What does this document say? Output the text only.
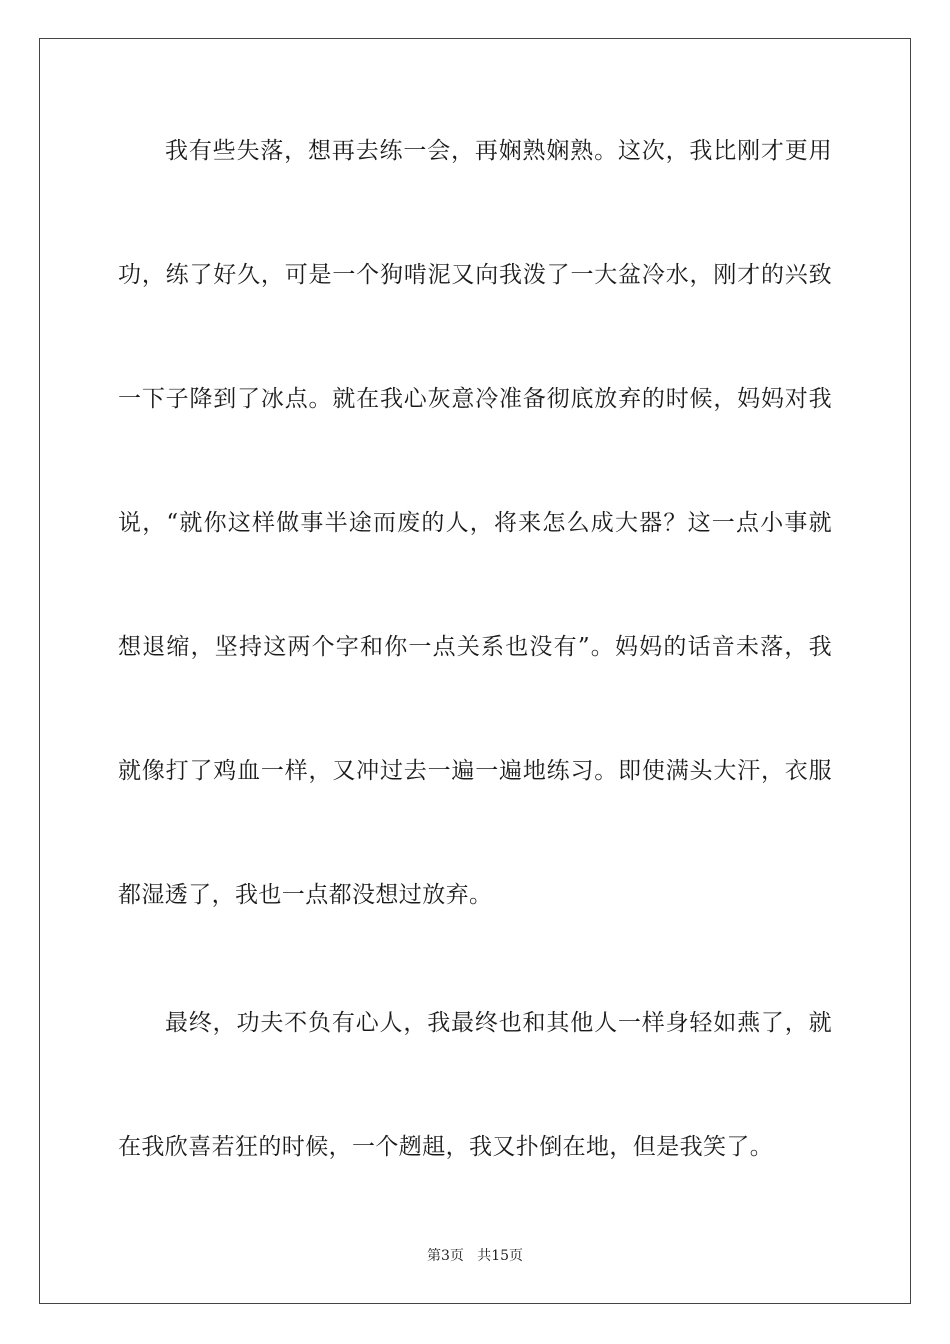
我有些失落，想再去练一会，再娴熟娴熟。这次，我比刚才更用
功，练了好久，可是一个狗啃泥又向我泼了一大盆冷水，刚才的兴致
一下子降到了冰点。就在我心灰意冷准备彻底放弃的时候，妈妈对我
说，“就你这样做事半途而废的人，将来怎么成大器？这一点小事就
想退缩，坚持这两个字和你一点关系也没有”。妈妈的话音未落，我
就像打了鸡血一样，又冲过去一遍一遍地练习。即使满头大汗，衣服
都湿透了，我也一点都没想过放弃。
最终，功夫不负有心人，我最终也和其他人一样身轻如燕了，就
在我欣喜若狂的时候，一个趔趄，我又扑倒在地，但是我笑了。
第3页   共15页
